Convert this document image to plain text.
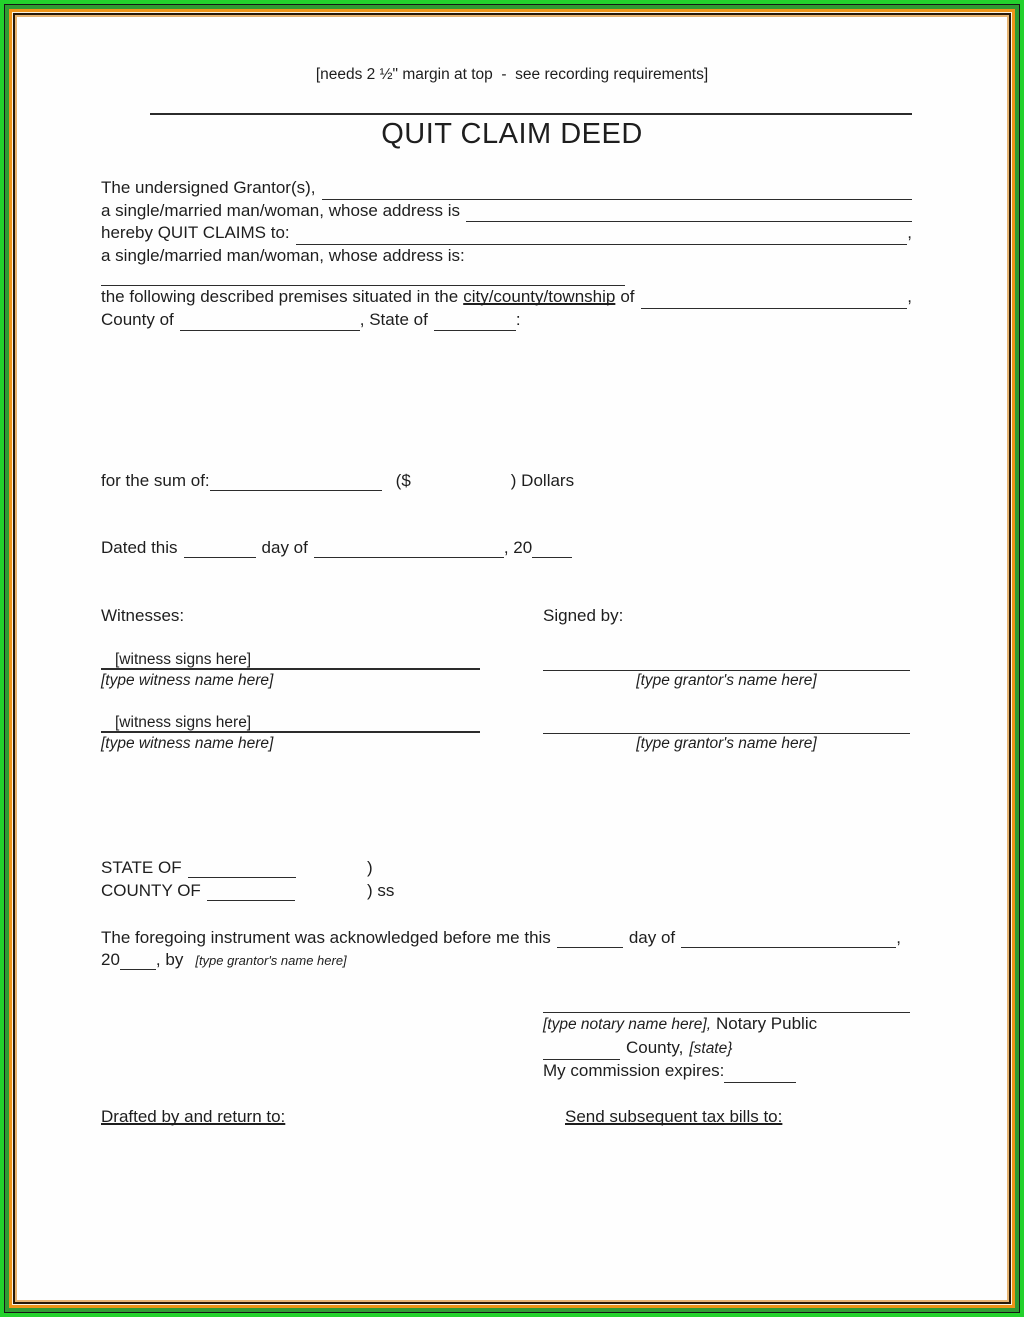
[needs 2 ½" margin at top  -  see recording requirements]
QUIT CLAIM DEED
The undersigned Grantor(s),
a single/married man/woman, whose address is
hereby QUIT CLAIMS to:	,
a single/married man/woman, whose address is:
the following described premises situated in the city/county/township of	,
County of	, State of	:
for the sum of:	($	) Dollars
Dated this	day of	, 20
Witnesses:	Signed by:
[witness signs here]
[type witness name here]	[type grantor's name here]
[witness signs here]
[type witness name here]	[type grantor's name here]
STATE OF	)
COUNTY OF	) ss
The foregoing instrument was acknowledged before me this	day of	,
20 , by [type grantor's name here]
[type notary name here], Notary Public
County, [state}
My commission expires:
Drafted by and return to:	Send subsequent tax bills to:
